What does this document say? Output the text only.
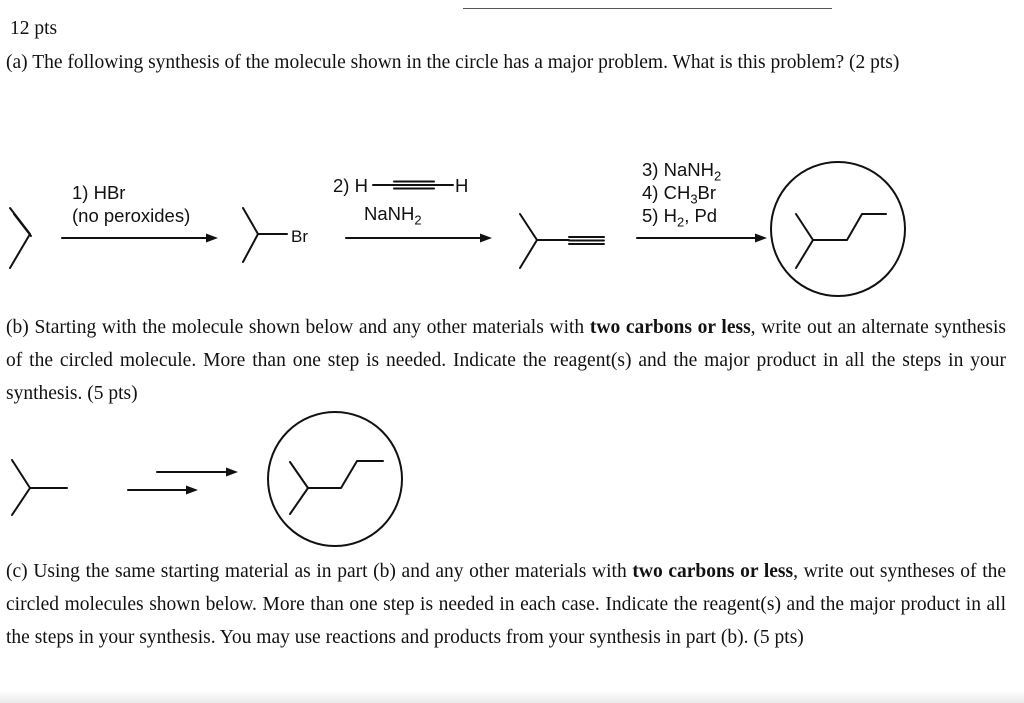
12 pts

(a) The following synthesis of the molecule shown in the circle has a major problem. What is this problem? (2 pts)

1) HBr
(no peroxides)
Br
2) H	H
NaNH$_2$
3) NaNH$_2$
4) $CH_3Br$
5) $H_2$, Pd

(b) Starting with the molecule shown below and any other materials with two carbons or less, write out an alternate synthesis of the circled molecule. More than one step is needed. Indicate the reagent(s) and the major product in all the steps in your synthesis. (5 pts)

(c) Using the same starting material as in part (b) and any other materials with two carbons or less, write out syntheses of the circled molecules shown below. More than one step is needed in each case. Indicate the reagent(s) and the major product in all the steps in your synthesis. You may use reactions and products from your synthesis in part (b). (5 pts)
